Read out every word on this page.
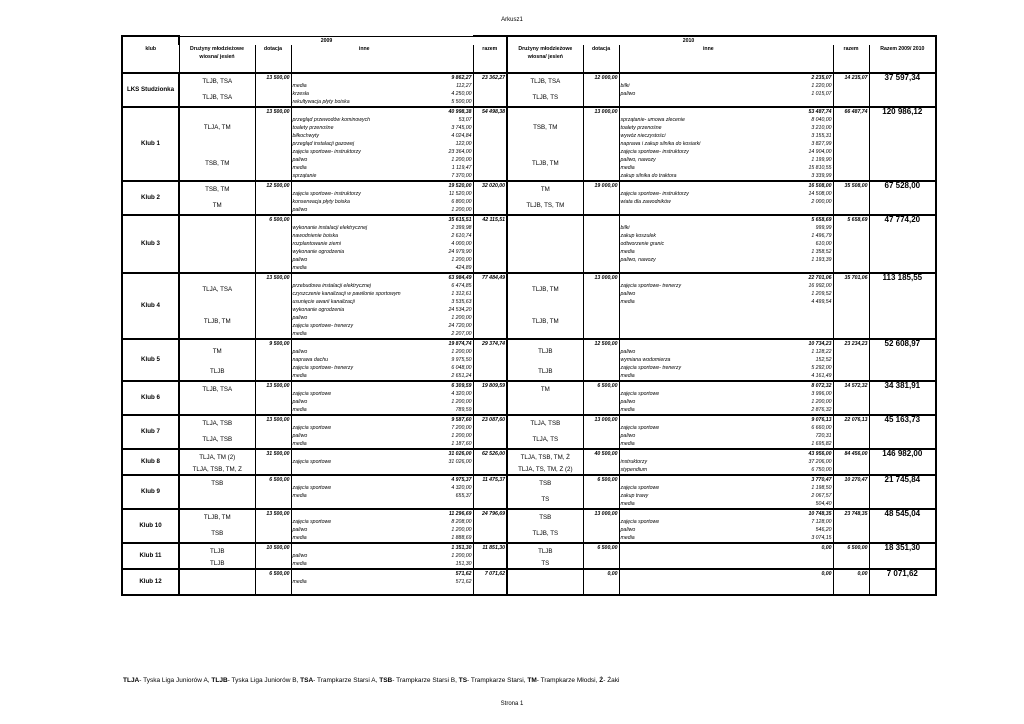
Arkusz1
	2009					2010					
klub	Drużyny młodzieżowe wiosna/ jesień	dotacja	inne		razem	Drużyny młodzieżowe wiosna/ jesień	dotacja	inne		razem	Razem 2009/ 2010
LKS Studzionka	TLJB, TSA	13 500,00		9 862,27	23 362,27	TLJB, TSA	12 000,00		2 235,07	14 235,07	37 597,34
			media	112,27				bilki	1 220,00		
	TLJB, TSA		krzesła	4 250,00		TLJB, TS		paliwo	1 015,07		
			rekultywacja płyty boiska	5 500,00							
Klub 1	TLJA, TM	13 500,00		40 998,38	54 498,38	TSB, TM	13 000,00		53 487,74	66 487,74	120 986,12
			przegląd przewodów kominowych	53,07				sprzątanie- umowa zlecenie	8 040,00		
			toalety przenośne	3 745,00				toalety przenośne	3 210,00		
			biłkochwyty	4 024,84				wywóz nieczystości	3 155,31		
			przegląd instalacji gazowej	122,00				naprawa i zakup silnika do kosiarki	3 827,99		
	TSB, TM		zajęcia sportowe- instruktorzy	23 364,00		TLJB, TM		zajęcia sportowe- instruktorzy	14 904,00		
			paliwo	1 200,00				paliwo, nawozy	1 199,90		
			media	1 119,47				media	15 810,55		
			sprzątanie	7 370,00				zakup silnika do traktora	3 339,99		
Klub 2	TSB, TM	12 500,00		19 520,00	32 020,00	TM	19 000,00		16 508,00	35 508,00	67 528,00
			zajęcia sportowe- instruktorzy	11 520,00				zajęcia sportowe- instruktorzy	14 508,00		
	TM		konserwacja płyty boiska	6 800,00		TLJB, TS, TM		wiata dla zawodników	2 000,00		
			paliwo	1 200,00							
Klub 3		6 500,00		35 615,51	42 115,51				5 658,69	5 658,69	47 774,20
			wykonanie instalacji elektrycznej	2 399,98				bilki	999,99		
			nawodnienie boiska	2 610,74				zakup koszulek	1 496,79		
			rozplantowanie ziemi	4 000,00				odtworzenie granic	610,00		
			wykonanie ogrodzenia	24 979,90				media	1 358,52		
			paliwo	1 200,00				paliwo, nawozy	1 193,39		
			media	424,89							
Klub 4	TLJA, TSA	13 500,00		63 984,49	77 484,49	TLJB, TM	13 000,00		22 701,06	35 701,06	113 185,55
			przebudowa instalacji elektrycznej	6 474,85				zajęcia sportowe- trenerzy	16 992,00		
			czyszczenie kanalizacji w pawilonie sportowym	1 312,61				paliwo	1 209,52		
			usunięcie awarii kanalizacji	3 535,63				media	4 499,54		
	TLJB, TM		wykonanie ogrodzenia	24 534,20		TLJB, TM					
			paliwo	1 200,00							
			zajęcia sportowe- trenerzy	24 720,00							
			media	2 207,00							
Klub 5	TM	9 500,00		19 874,74	29 374,74	TLJB	12 500,00		10 734,23	23 234,23	52 608,97
			paliwo	1 200,00				paliwo	1 128,22		
			naprawa dachu	9 975,50				wymiana wodomierza	152,52		
	TLJB		zajęcia sportowe- trenerzy	6 048,00		TLJB		zajęcia sportowe- trenerzy	5 292,00		
			media	2 651,24				media	4 161,49		
Klub 6	TLJB, TSA	13 500,00		6 309,59	19 809,59	TM	6 500,00		8 072,32	14 572,32	34 381,91
			zajęcia sportowe	4 320,00				zajęcia sportowe	3 996,00		
			paliwo	1 200,00				paliwo	1 200,00		
			media	789,59				media	2 876,32		
Klub 7	TLJA, TSB	13 500,00		9 587,60	23 087,60	TLJA, TSB	13 000,00		9 076,13	22 076,13	45 163,73
			zajęcia sportowe	7 200,00				zajęcia sportowe	6 660,00		
	TLJA, TSB		paliwo	1 200,00		TLJA, TS		paliwo	720,31		
			media	1 187,60				media	1 695,82		
Klub 8	TLJA, TM (2)	31 500,00		31 026,00	62 526,00	TLJA, TSB, TM, Ż	40 500,00		43 956,00	84 456,00	146 982,00
			zajęcia sportowe	31 026,00				instruktorzy	37 206,00		
	TLJA, TSB, TM, Ż					TLJA, TS, TM, Ż (2)		stypendium	6 750,00		
Klub 9	TSB	6 500,00		4 975,37	11 475,37	TSB	6 500,00		3 770,47	10 270,47	21 745,84
			zajęcia sportowe	4 320,00				zajęcia sportowe	1 198,50		
			media	655,37		TS		zakup trawy	2 067,57		
								media	504,40		
Klub 10	TLJB, TM	13 500,00		11 296,69	24 796,69	TSB	13 000,00		10 748,35	23 748,35	48 545,04
			zajęcia sportowe	8 208,00				zajęcia sportowe	7 128,00		
	TSB		paliwo	1 200,00		TLJB, TS		paliwo	546,20		
			media	1 888,69				media	3 074,15		
Klub 11	TLJB	10 500,00		1 351,30	11 851,30	TLJB	6 500,00		0,00	6 500,00	18 351,30
			paliwo	1 200,00							
	TLJB		media	151,30		TS					
Klub 12		6 500,00		571,62	7 071,62		0,00		0,00	0,00	7 071,62
			media	571,62							

TLJA- Tyska Liga Juniorów A, TLJB- Tyska Liga Juniorów B, TSA- Trampkarze Starsi A, TSB- Trampkarze Starsi B, TS- Trampkarze Starsi, TM- Trampkarze Młodsi, Ż- Żaki
Strona 1
